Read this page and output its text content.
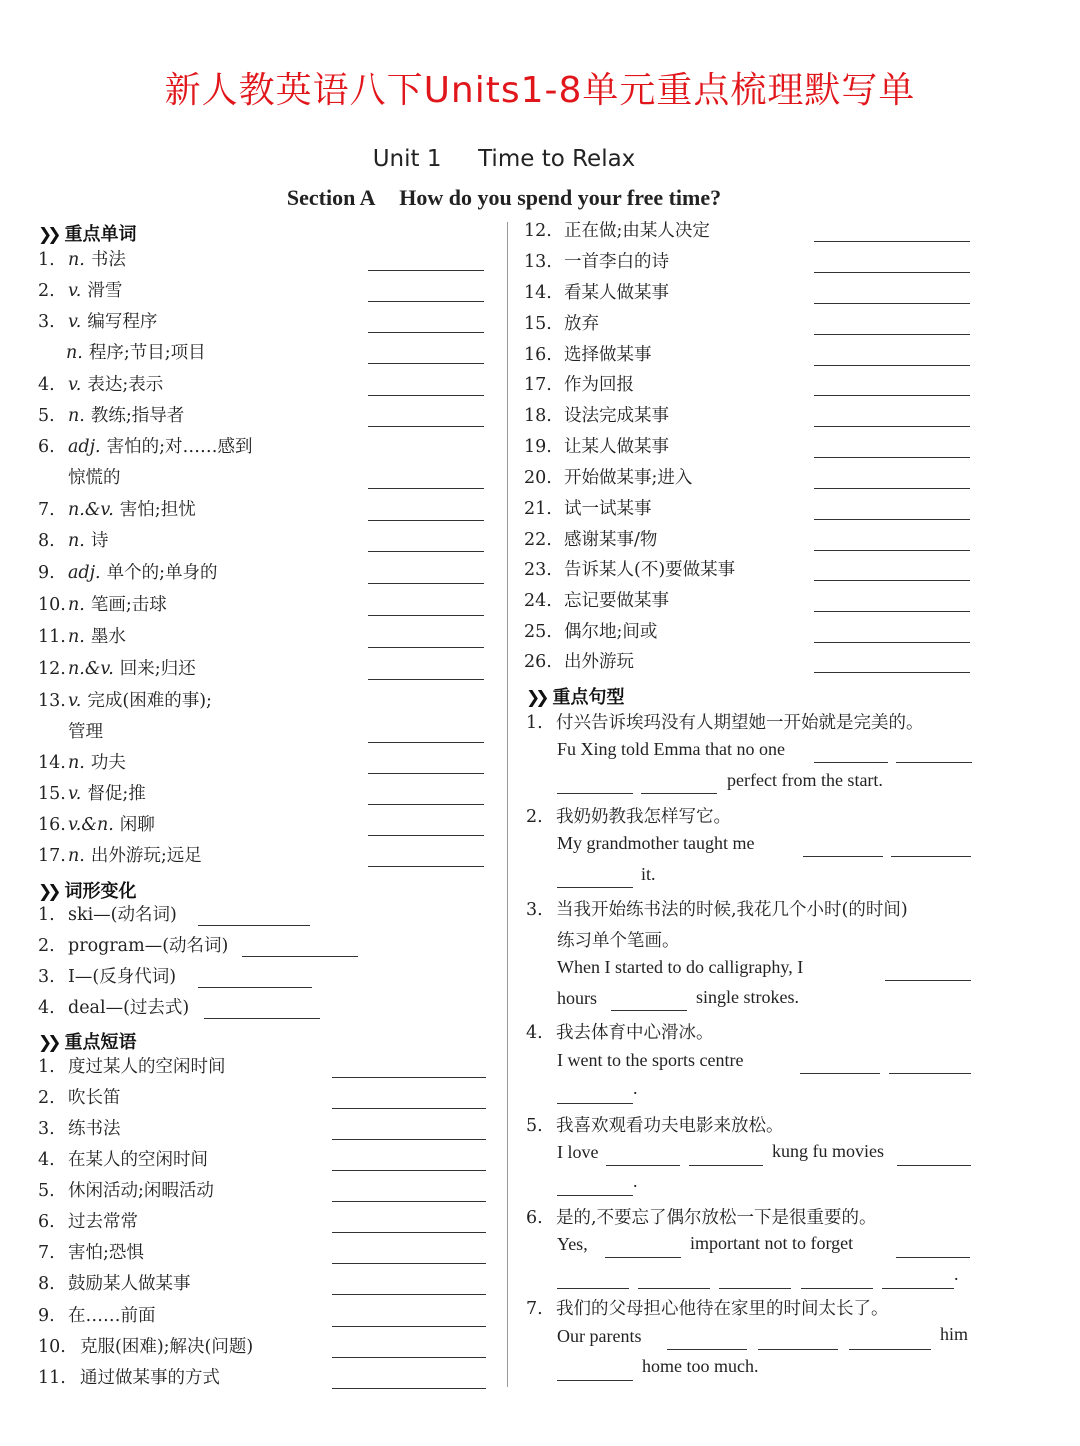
新人教英语八下Units1-8单元重点梳理默写单
Unit 1 Time to Relax
Section A How do you spend your free time?
❯❯ 重点单词
1. n. 书法
2. v. 滑雪
3. v. 编写程序
n. 程序;节目;项目
4. v. 表达;表示
5. n. 教练;指导者
6. adj. 害怕的;对……感到
惊慌的
7. n.&v. 害怕;担忧
8. n. 诗
9. adj. 单个的;单身的
10. n. 笔画;击球
11. n. 墨水
12. n.&v. 回来;归还
13. v. 完成(困难的事);
管理
14. n. 功夫
15. v. 督促;推
16. v.&n. 闲聊
17. n. 出外游玩;远足
❯❯ 词形变化
1. ski—(动名词)
2. program—(动名词)
3. I—(反身代词)
4. deal—(过去式)
❯❯ 重点短语
1. 度过某人的空闲时间
2. 吹长笛
3. 练书法
4. 在某人的空闲时间
5. 休闲活动;闲暇活动
6. 过去常常
7. 害怕;恐惧
8. 鼓励某人做某事
9. 在……前面
10. 克服(困难);解决(问题)
11. 通过做某事的方式
12. 正在做;由某人决定
13. 一首李白的诗
14. 看某人做某事
15. 放弃
16. 选择做某事
17. 作为回报
18. 设法完成某事
19. 让某人做某事
20. 开始做某事;进入
21. 试一试某事
22. 感谢某事/物
23. 告诉某人(不)要做某事
24. 忘记要做某事
25. 偶尔地;间或
26. 出外游玩
❯❯ 重点句型
1. 付兴告诉埃玛没有人期望她一开始就是完美的。
Fu Xing told Emma that no one
perfect from the start.
2. 我奶奶教我怎样写它。
My grandmother taught me
it.
3. 当我开始练书法的时候,我花几个小时(的时间)
练习单个笔画。
When I started to do calligraphy, I
hours	single strokes.
4. 我去体育中心滑冰。
I went to the sports centre
.
5. 我喜欢观看功夫电影来放松。
I love	kung fu movies
.
6. 是的,不要忘了偶尔放松一下是很重要的。
Yes,	important not to forget
.
7. 我们的父母担心他待在家里的时间太长了。
Our parents	him
home too much.
